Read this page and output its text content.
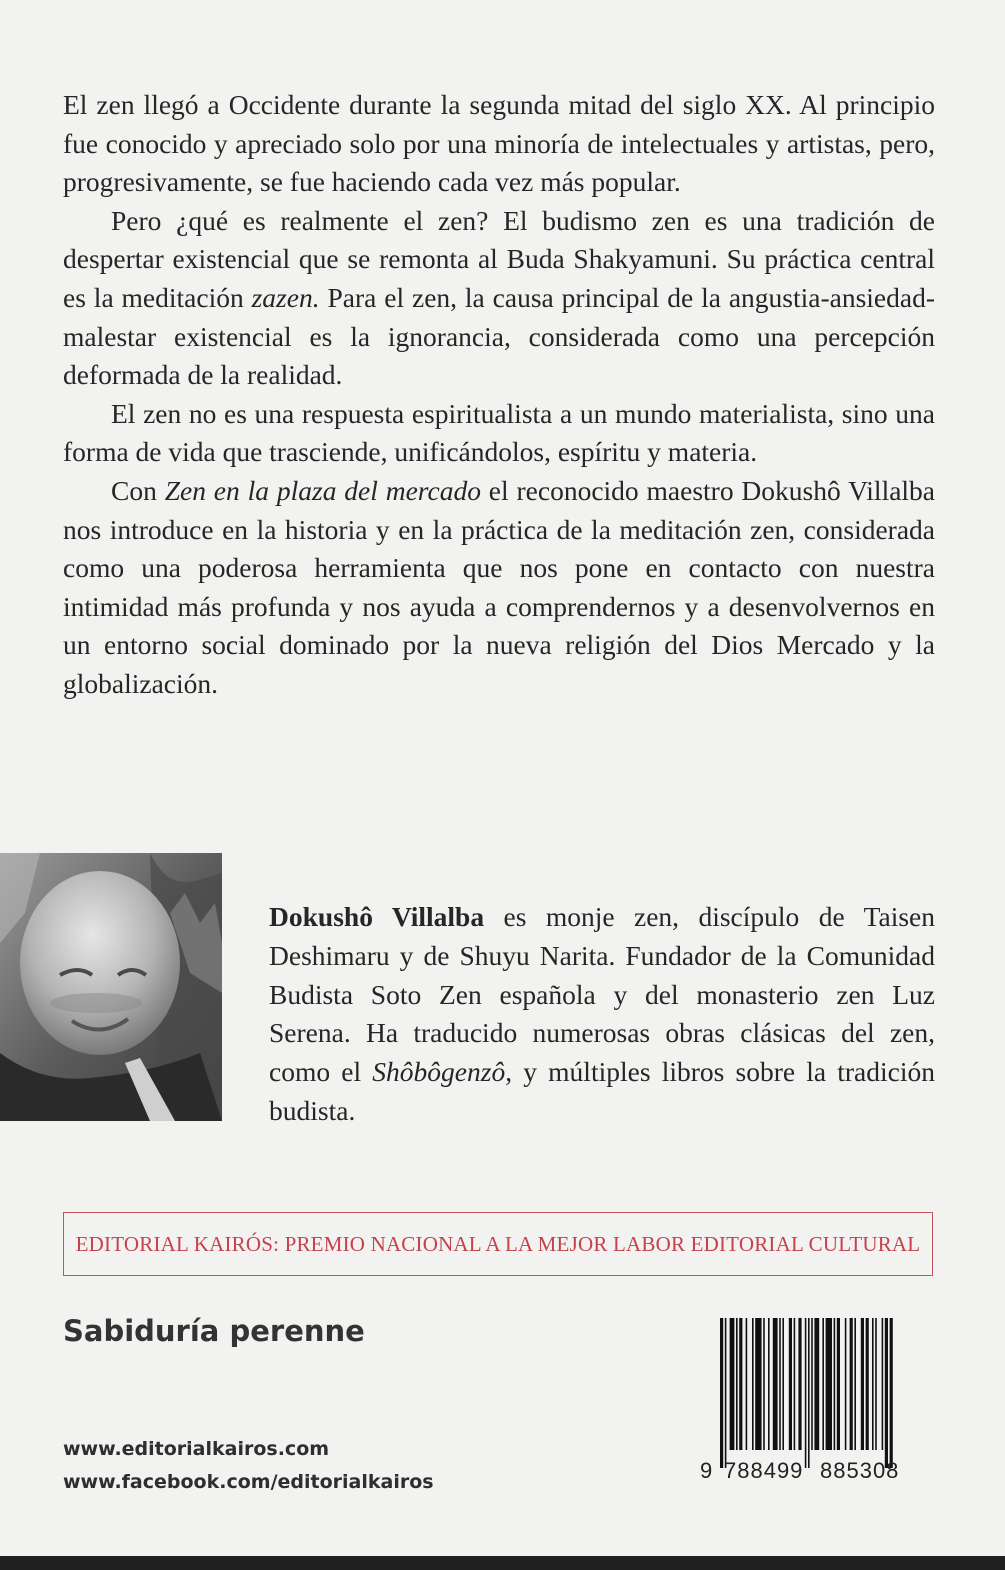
El zen llegó a Occidente durante la segunda mitad del siglo XX. Al principio fue conocido y apreciado solo por una minoría de intelectuales y artistas, pero, progresivamente, se fue haciendo cada vez más popular.

Pero ¿qué es realmente el zen? El budismo zen es una tradición de despertar existencial que se remonta al Buda Shakyamuni. Su práctica central es la meditación zazen. Para el zen, la causa principal de la angustia-ansiedad-malestar existencial es la ignorancia, considerada como una percepción deformada de la realidad.

El zen no es una respuesta espiritualista a un mundo materialista, sino una forma de vida que trasciende, unificándolos, espíritu y materia.

Con Zen en la plaza del mercado el reconocido maestro Dokushô Villalba nos introduce en la historia y en la práctica de la meditación zen, considerada como una poderosa herramienta que nos pone en contacto con nuestra intimidad más profunda y nos ayuda a comprendernos y a desenvolvernos en un entorno social dominado por la nueva religión del Dios Mercado y la globalización.

Dokushô Villalba es monje zen, discípulo de Taisen Deshimaru y de Shuyu Narita. Fundador de la Comunidad Budista Soto Zen española y del monasterio zen Luz Serena. Ha traducido numerosas obras clásicas del zen, como el Shôbôgenzô, y múltiples libros sobre la tradición budista.

EDITORIAL KAIRÓS: PREMIO NACIONAL A LA MEJOR LABOR EDITORIAL CULTURAL
Sabiduría perenne
www.editorialkairos.com
www.facebook.com/editorialkairos	9 788499 885308
